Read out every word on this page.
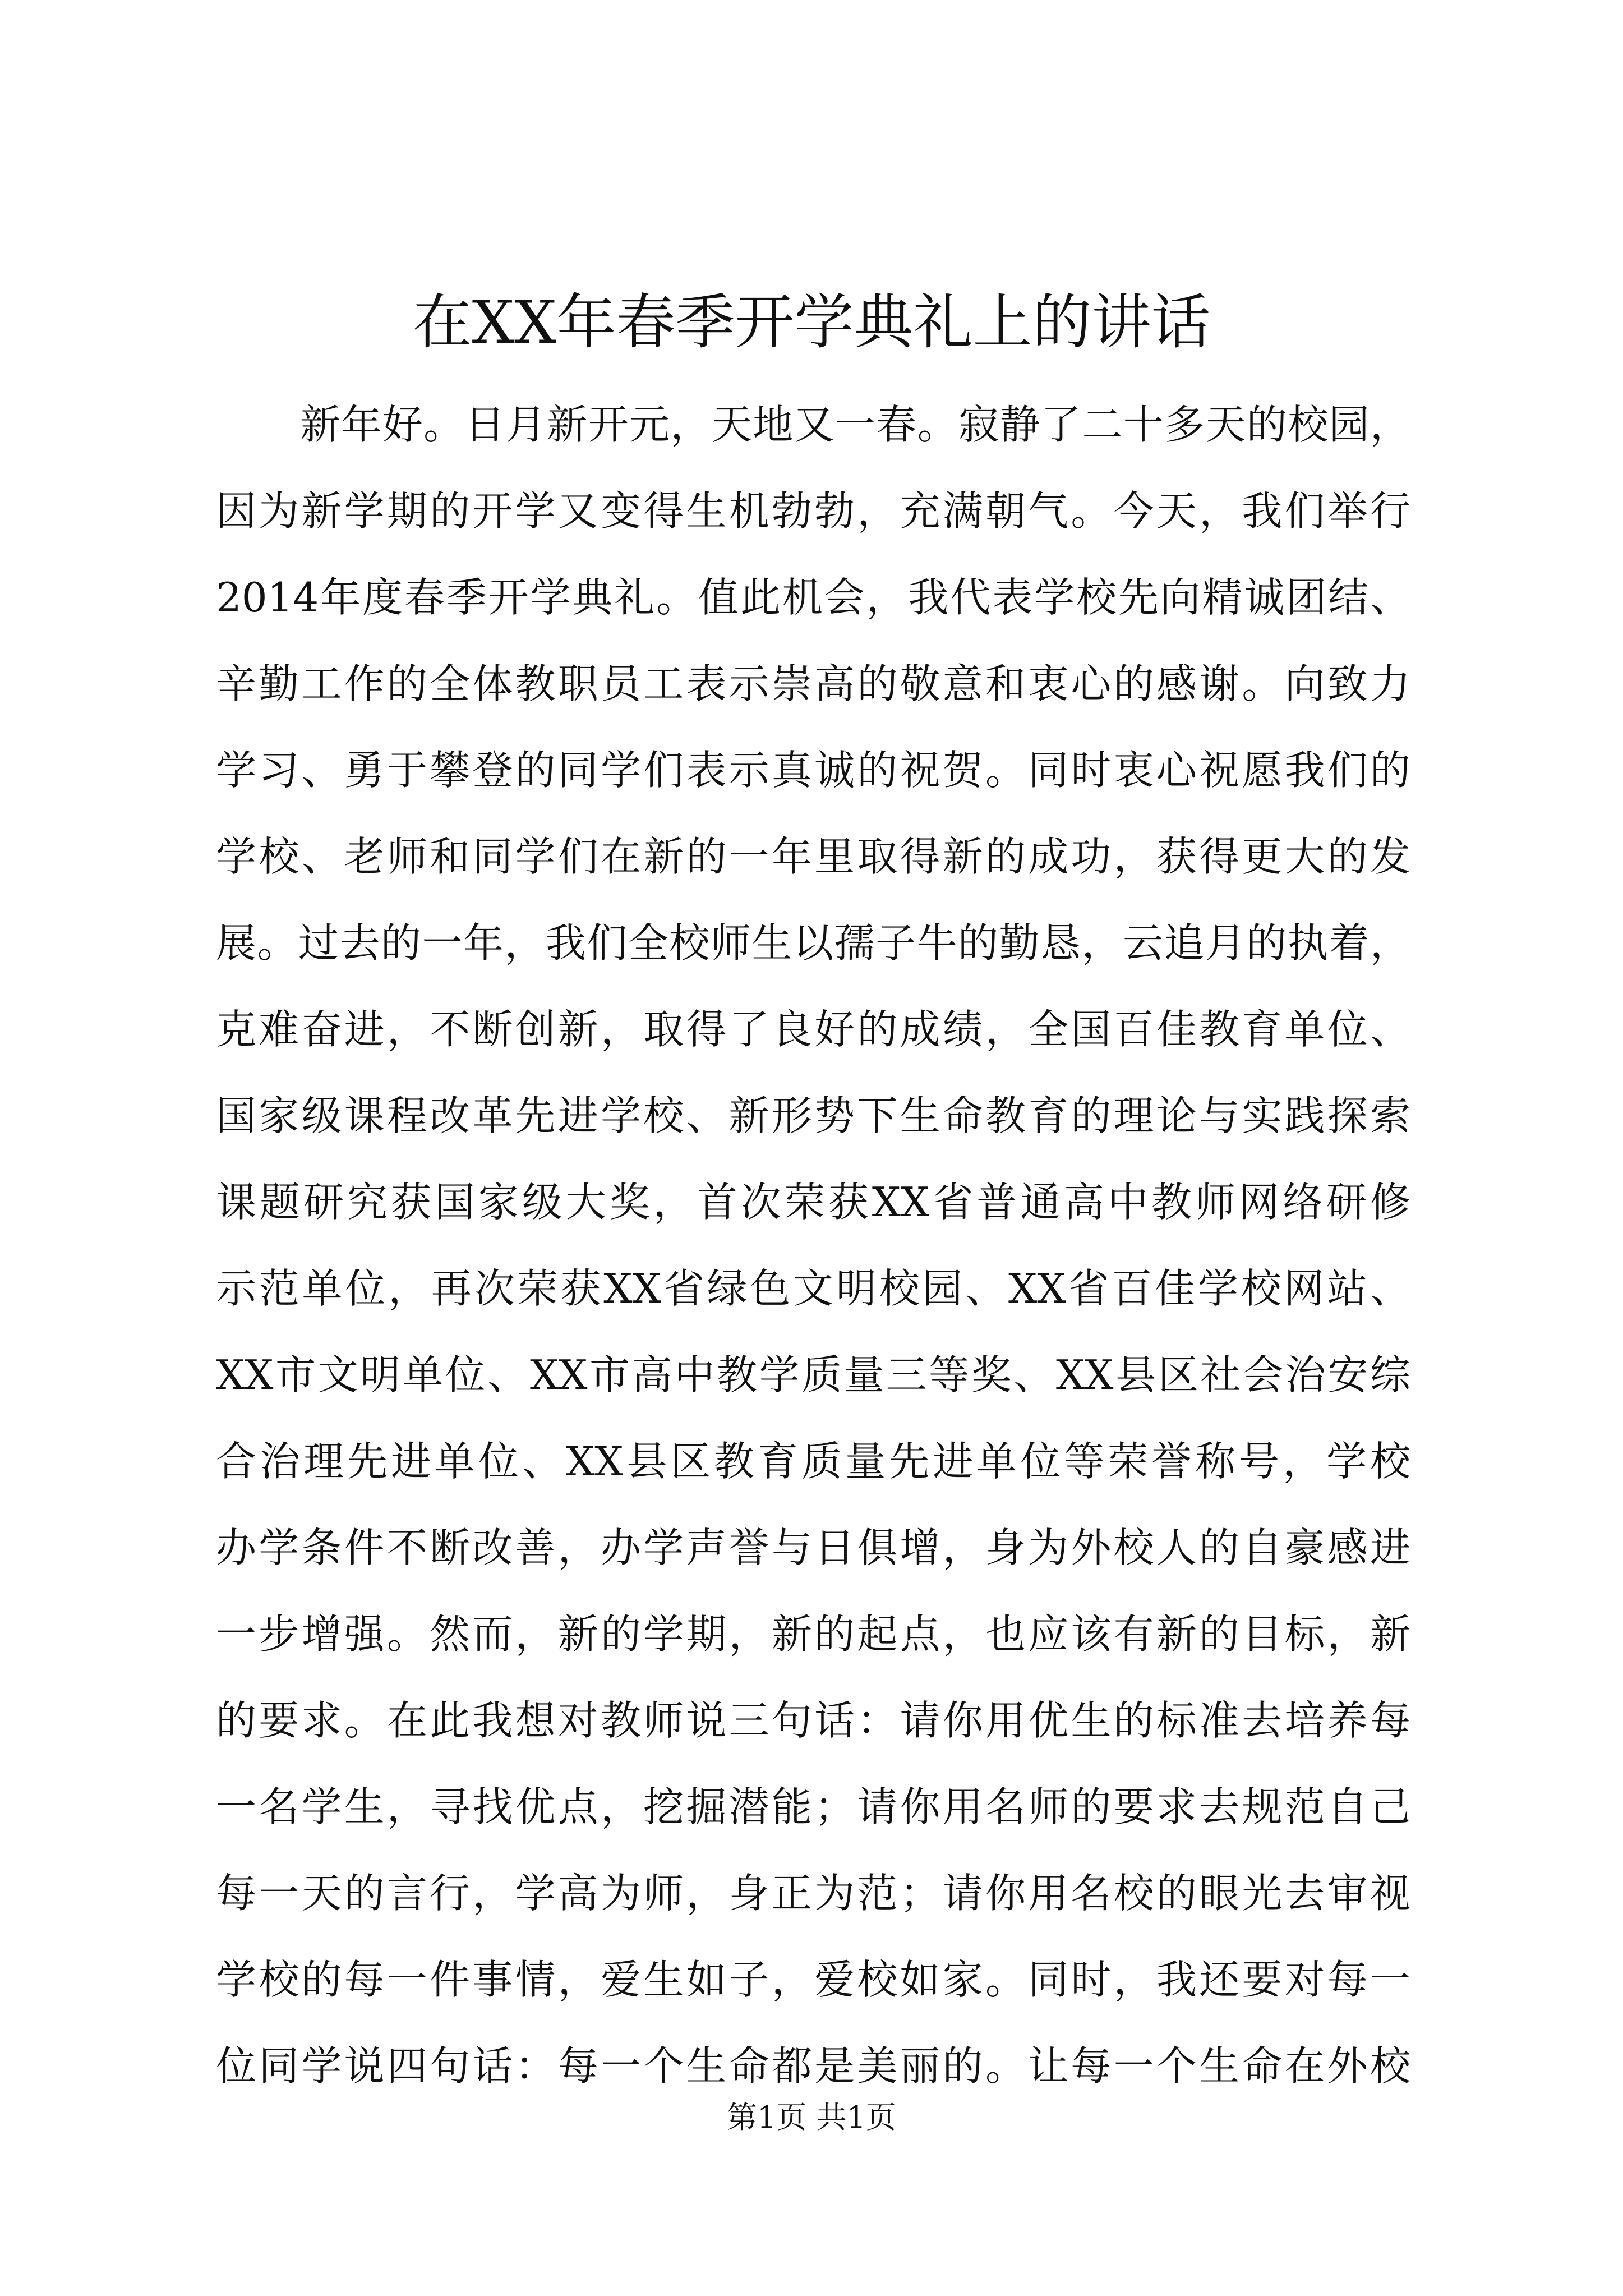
在XX年春季开学典礼上的讲话
新年好。日月新开元，天地又一春。寂静了二十多天的校园，
因为新学期的开学又变得生机勃勃，充满朝气。今天，我们举行
2014年度春季开学典礼。值此机会，我代表学校先向精诚团结、
辛勤工作的全体教职员工表示崇高的敬意和衷心的感谢。向致力
学习、勇于攀登的同学们表示真诚的祝贺。同时衷心祝愿我们的
学校、老师和同学们在新的一年里取得新的成功，获得更大的发
展。过去的一年，我们全校师生以孺子牛的勤恳，云追月的执着，
克难奋进，不断创新，取得了良好的成绩，全国百佳教育单位、
国家级课程改革先进学校、新形势下生命教育的理论与实践探索
课题研究获国家级大奖，首次荣获XX省普通高中教师网络研修
示范单位，再次荣获XX省绿色文明校园、XX省百佳学校网站、
XX市文明单位、XX市高中教学质量三等奖、XX县区社会治安综
合治理先进单位、XX县区教育质量先进单位等荣誉称号，学校
办学条件不断改善，办学声誉与日俱增，身为外校人的自豪感进
一步增强。然而，新的学期，新的起点，也应该有新的目标，新
的要求。在此我想对教师说三句话：请你用优生的标准去培养每
一名学生，寻找优点，挖掘潜能；请你用名师的要求去规范自己
每一天的言行，学高为师，身正为范；请你用名校的眼光去审视
学校的每一件事情，爱生如子，爱校如家。同时，我还要对每一
位同学说四句话：每一个生命都是美丽的。让每一个生命在外校
第1页 共1页
